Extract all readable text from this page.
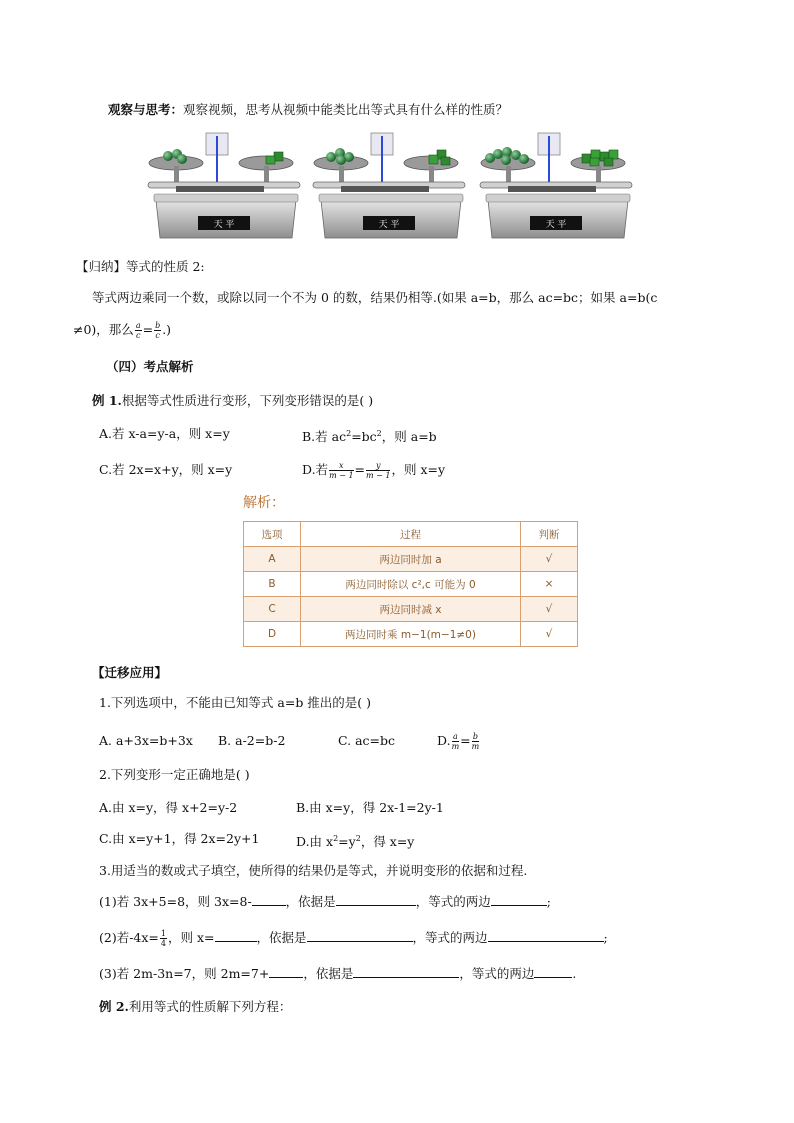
观察与思考：观察视频，思考从视频中能类比出等式具有什么样的性质？
天 平	天 平	天 平
【归纳】等式的性质 2:
等式两边乘同一个数，或除以同一个不为 0 的数，结果仍相等.(如果 a=b，那么 ac=bc；如果 a=b(c
≠0)，那么 $\frac{a}{c} = \frac{b}{c}$ .)
（四）考点解析
例 1.根据等式性质进行变形，下列变形错误的是( )
A.若 x-a=y-a，则 x=y	B.若 $ac^2=bc^2$，则 a=b
C.若 2x=x+y，则 x=y	D.若 $\frac{x}{m - 1} = \frac{y}{m - 1}$ ，则 x=y
解析：
选项	过程	判断
A	两边同时加 a	√
B	两边同时除以 c²,c 可能为 0	×
C	两边同时减 x	√
D	两边同时乘 m−1(m−1≠0)	√
【迁移应用】
1.下列选项中，不能由已知等式 a=b 推出的是( )
A. a+3x=b+3x B. a-2=b-2	C. ac=bc	D. $\frac{a}{m} = \frac{b}{m}$
2.下列变形一定正确地是( )
A.由 x=y，得 x+2=y-2	B.由 x=y，得 2x-1=2y-1
C.由 x=y+1，得 2x=2y+1	D.由 $x^2=y^2$，得 x=y
3.用适当的数或式子填空，使所得的结果仍是等式，并说明变形的依据和过程.
(1)若 3x+5=8，则 3x=8-	，依据是	，等式的两边	;
(2)若$-4x= \frac{1}{4}$ ，则 x=	，依据是	，等式的两边	;
(3)若 2m-3n=7，则 2m=7+	，依据是	，等式的两边	.
例 2.利用等式的性质解下列方程：
